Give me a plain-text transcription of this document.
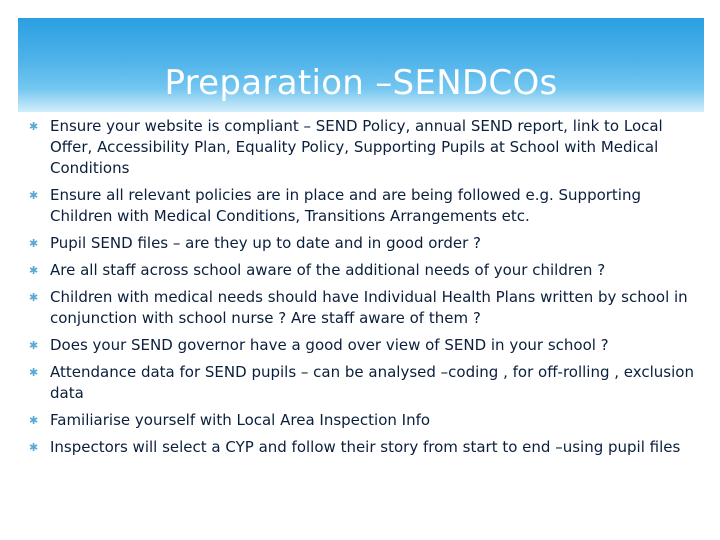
Preparation –SENDCOs
✱ Ensure your website is compliant – SEND Policy, annual SEND report, link to Local Offer, Accessibility Plan, Equality Policy, Supporting Pupils at School with Medical Conditions
✱ Ensure all relevant policies are in place and are being followed e.g. Supporting Children with Medical Conditions, Transitions Arrangements etc.
✱ Pupil SEND files – are they up to date and in good order ?
✱ Are all staff across school aware of the additional needs of your children ?
✱ Children with medical needs should have Individual Health Plans written by school in conjunction with school nurse ? Are staff aware of them ?
✱ Does your SEND governor have a good over view of SEND in your school ?
✱ Attendance data for SEND pupils – can be analysed –coding , for off-rolling , exclusion data
✱ Familiarise yourself with Local Area Inspection Info
✱ Inspectors will select a CYP and follow their story from start to end –using pupil files
